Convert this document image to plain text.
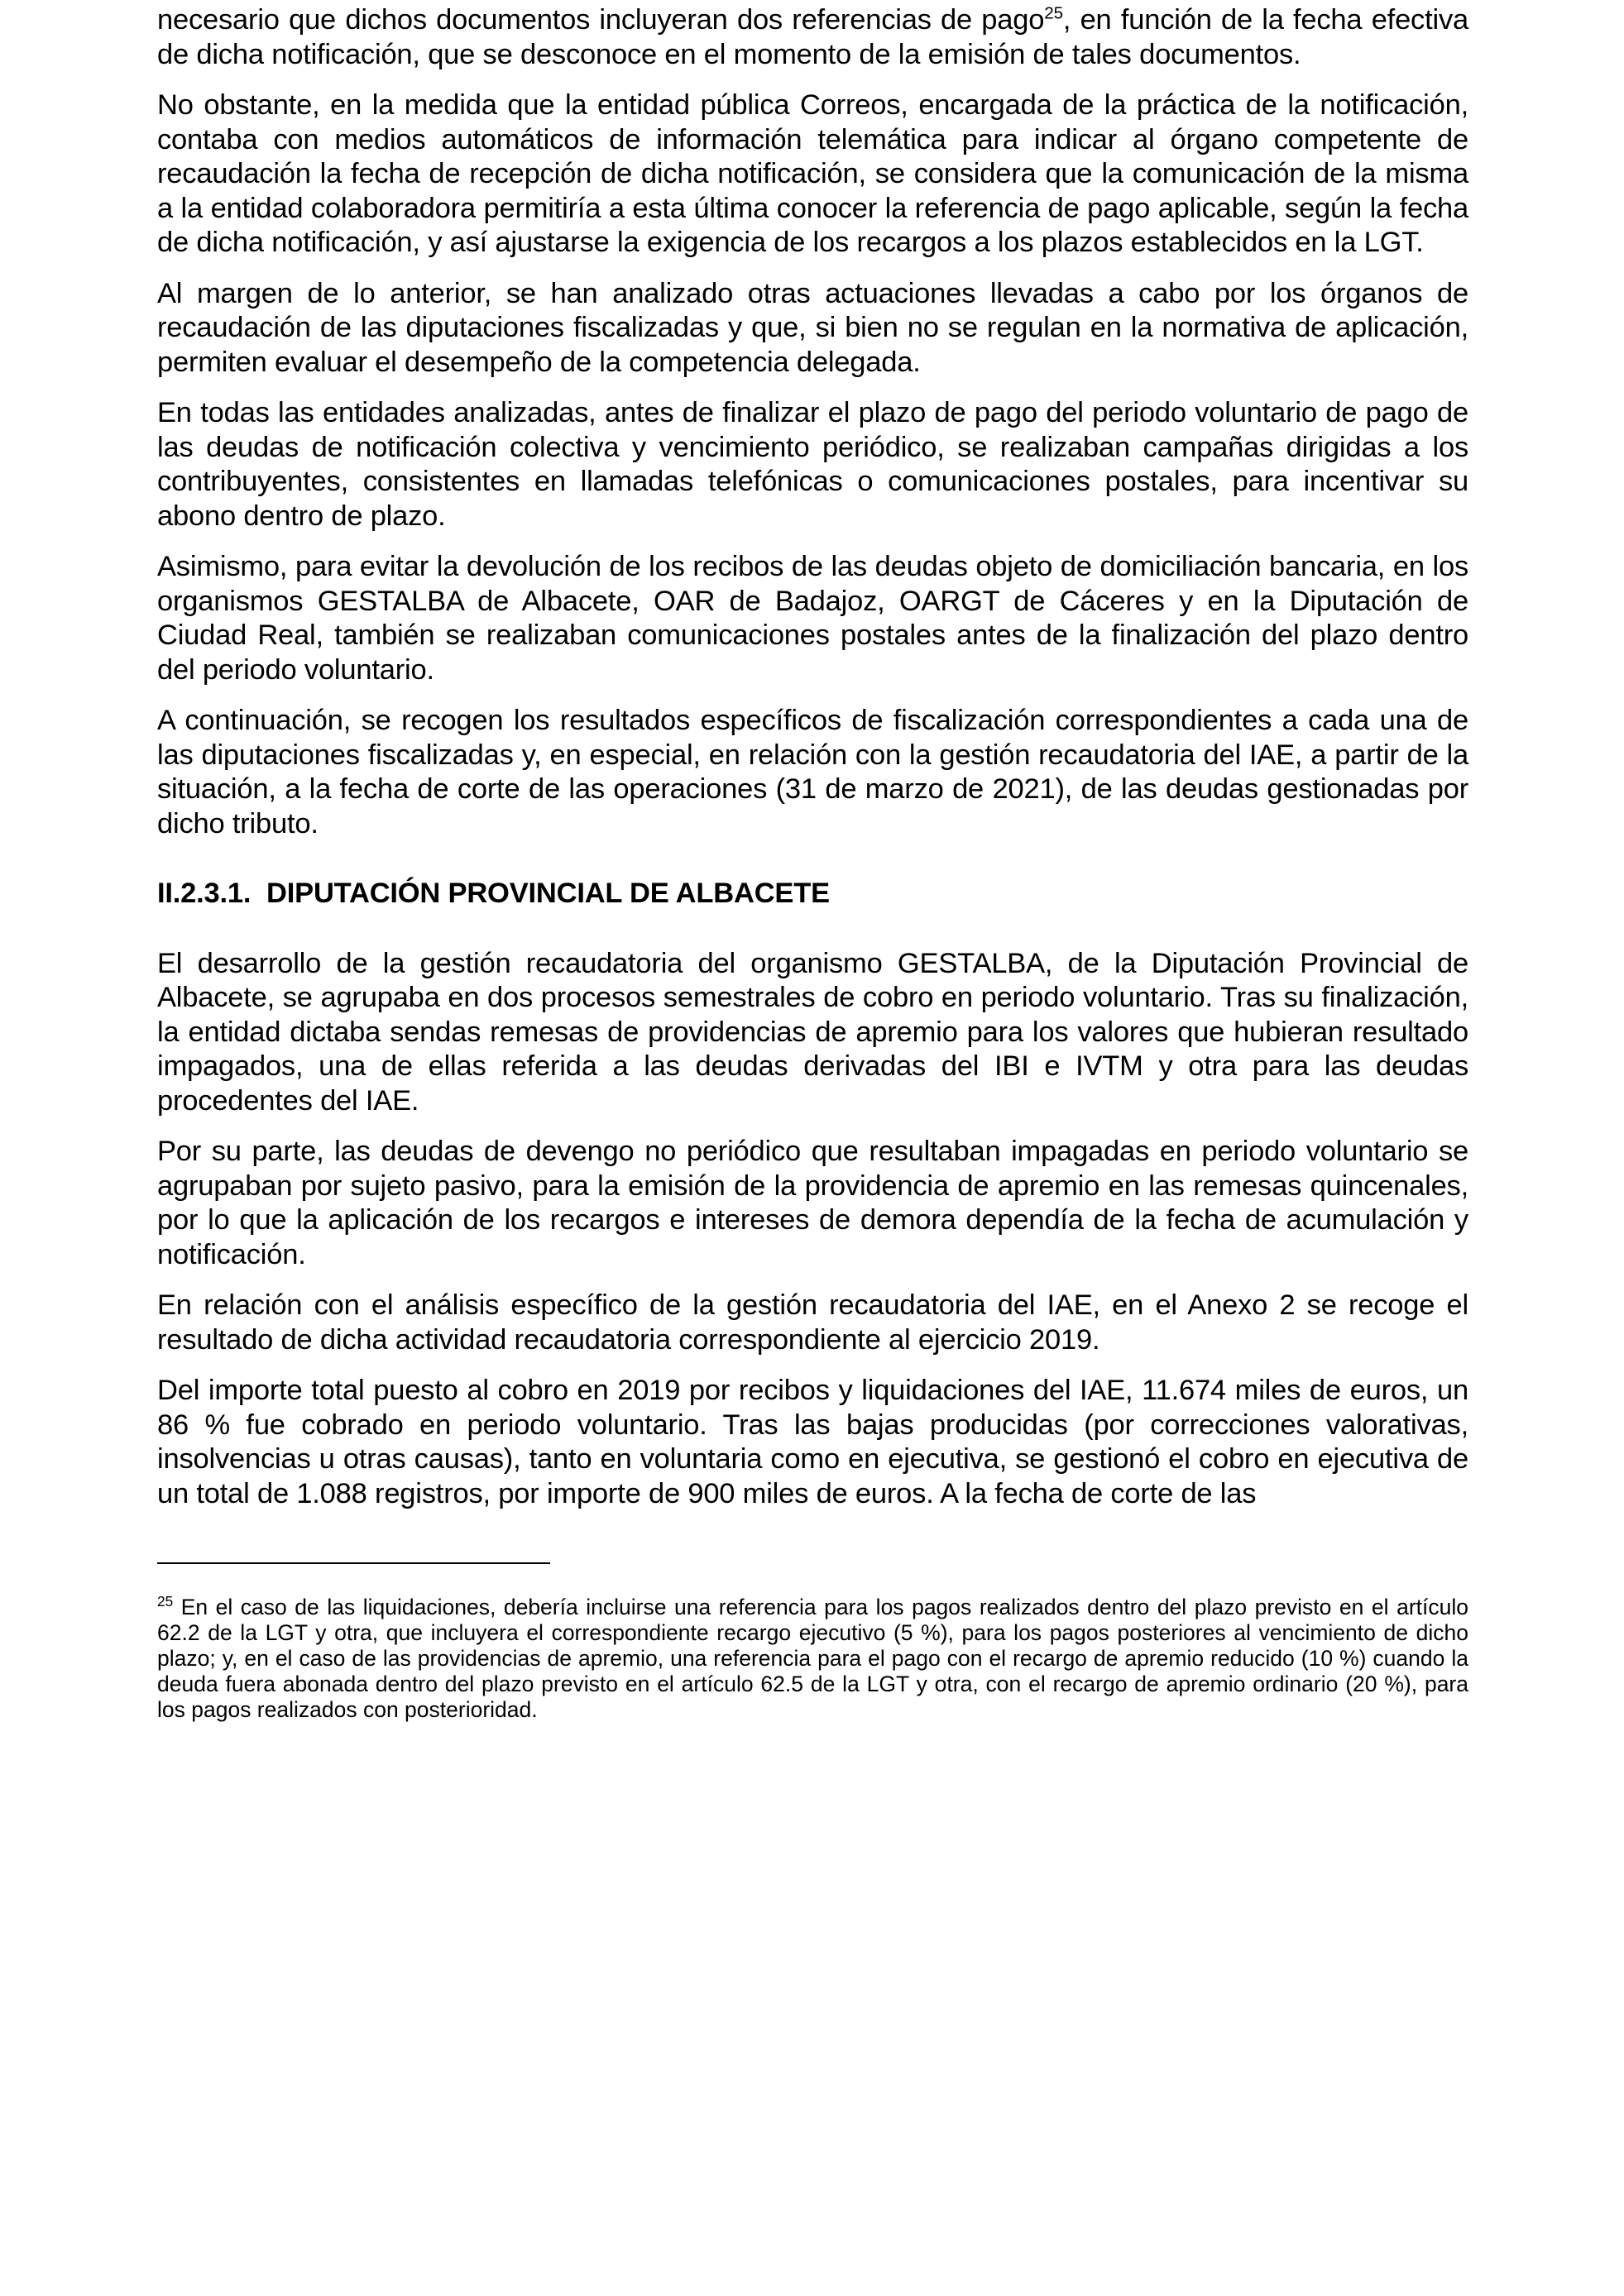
necesario que dichos documentos incluyeran dos referencias de pago$^{25}$, en función de la fecha efectiva de dicha notificación, que se desconoce en el momento de la emisión de tales documentos.

No obstante, en la medida que la entidad pública Correos, encargada de la práctica de la notificación, contaba con medios automáticos de información telemática para indicar al órgano competente de recaudación la fecha de recepción de dicha notificación, se considera que la comunicación de la misma a la entidad colaboradora permitiría a esta última conocer la referencia de pago aplicable, según la fecha de dicha notificación, y así ajustarse la exigencia de los recargos a los plazos establecidos en la LGT.

Al margen de lo anterior, se han analizado otras actuaciones llevadas a cabo por los órganos de recaudación de las diputaciones fiscalizadas y que, si bien no se regulan en la normativa de aplicación, permiten evaluar el desempeño de la competencia delegada.

En todas las entidades analizadas, antes de finalizar el plazo de pago del periodo voluntario de pago de las deudas de notificación colectiva y vencimiento periódico, se realizaban campañas dirigidas a los contribuyentes, consistentes en llamadas telefónicas o comunicaciones postales, para incentivar su abono dentro de plazo.

Asimismo, para evitar la devolución de los recibos de las deudas objeto de domiciliación bancaria, en los organismos GESTALBA de Albacete, OAR de Badajoz, OARGT de Cáceres y en la Diputación de Ciudad Real, también se realizaban comunicaciones postales antes de la finalización del plazo dentro del periodo voluntario.

A continuación, se recogen los resultados específicos de fiscalización correspondientes a cada una de las diputaciones fiscalizadas y, en especial, en relación con la gestión recaudatoria del IAE, a partir de la situación, a la fecha de corte de las operaciones (31 de marzo de 2021), de las deudas gestionadas por dicho tributo.

II.2.3.1.  DIPUTACIÓN PROVINCIAL DE ALBACETE

El desarrollo de la gestión recaudatoria del organismo GESTALBA, de la Diputación Provincial de Albacete, se agrupaba en dos procesos semestrales de cobro en periodo voluntario. Tras su finalización, la entidad dictaba sendas remesas de providencias de apremio para los valores que hubieran resultado impagados, una de ellas referida a las deudas derivadas del IBI e IVTM y otra para las deudas procedentes del IAE.

Por su parte, las deudas de devengo no periódico que resultaban impagadas en periodo voluntario se agrupaban por sujeto pasivo, para la emisión de la providencia de apremio en las remesas quincenales, por lo que la aplicación de los recargos e intereses de demora dependía de la fecha de acumulación y notificación.

En relación con el análisis específico de la gestión recaudatoria del IAE, en el Anexo 2 se recoge el resultado de dicha actividad recaudatoria correspondiente al ejercicio 2019.

Del importe total puesto al cobro en 2019 por recibos y liquidaciones del IAE, 11.674 miles de euros, un 86 % fue cobrado en periodo voluntario. Tras las bajas producidas (por correcciones valorativas, insolvencias u otras causas), tanto en voluntaria como en ejecutiva, se gestionó el cobro en ejecutiva de un total de 1.088 registros, por importe de 900 miles de euros. A la fecha de corte de las

$^{25}$ En el caso de las liquidaciones, debería incluirse una referencia para los pagos realizados dentro del plazo previsto en el artículo 62.2 de la LGT y otra, que incluyera el correspondiente recargo ejecutivo (5 %), para los pagos posteriores al vencimiento de dicho plazo; y, en el caso de las providencias de apremio, una referencia para el pago con el recargo de apremio reducido (10 %) cuando la deuda fuera abonada dentro del plazo previsto en el artículo 62.5 de la LGT y otra, con el recargo de apremio ordinario (20 %), para los pagos realizados con posterioridad.
